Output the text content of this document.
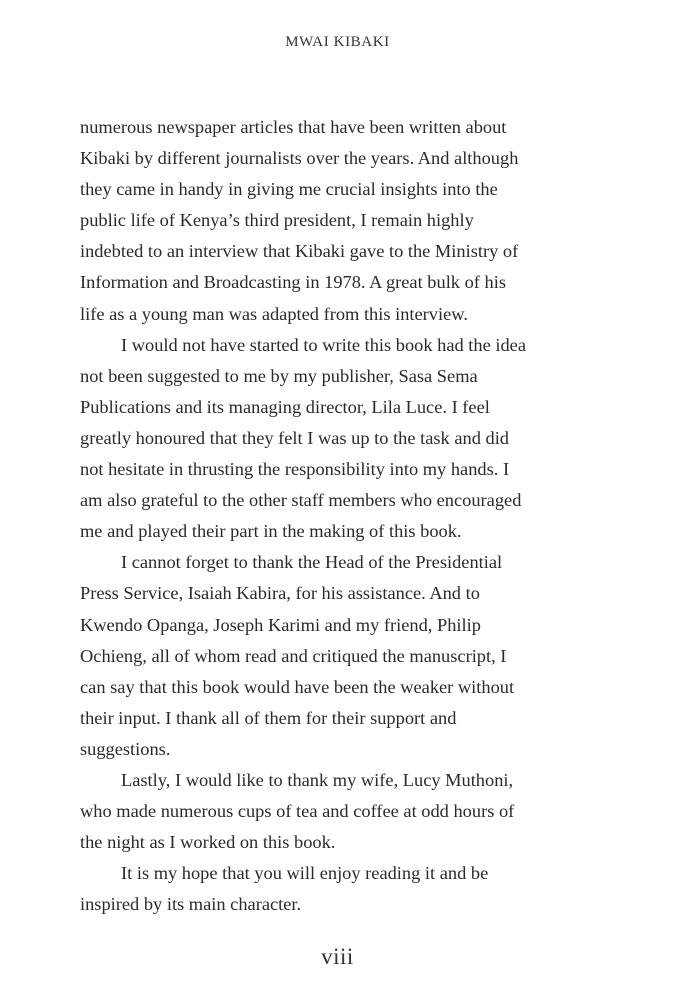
MWAI KIBAKI

numerous newspaper articles that have been written about
Kibaki by different journalists over the years. And although
they came in handy in giving me crucial insights into the
public life of Kenya’s third president, I remain highly
indebted to an interview that Kibaki gave to the Ministry of
Information and Broadcasting in 1978. A great bulk of his
life as a young man was adapted from this interview.

I would not have started to write this book had the idea
not been suggested to me by my publisher, Sasa Sema
Publications and its managing director, Lila Luce. I feel
greatly honoured that they felt I was up to the task and did
not hesitate in thrusting the responsibility into my hands. I
am also grateful to the other staff members who encouraged
me and played their part in the making of this book.

I cannot forget to thank the Head of the Presidential
Press Service, Isaiah Kabira, for his assistance. And to
Kwendo Opanga, Joseph Karimi and my friend, Philip
Ochieng, all of whom read and critiqued the manuscript, I
can say that this book would have been the weaker without
their input. I thank all of them for their support and
suggestions.

Lastly, I would like to thank my wife, Lucy Muthoni,
who made numerous cups of tea and coffee at odd hours of
the night as I worked on this book.

It is my hope that you will enjoy reading it and be
inspired by its main character.

viii
